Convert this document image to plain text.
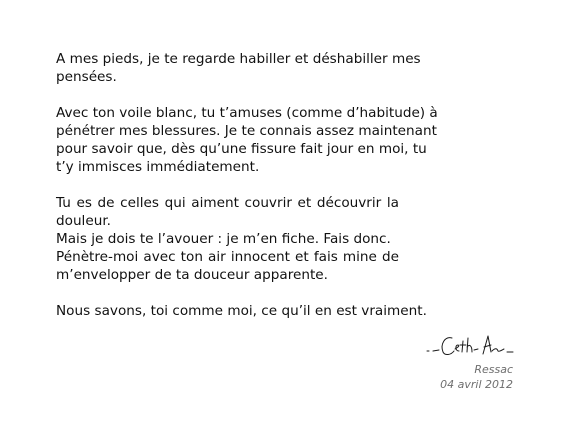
A mes pieds, je te regarde habiller et déshabiller mes
pensées.
Avec ton voile blanc, tu t’amuses (comme d’habitude) à
pénétrer mes blessures. Je te connais assez maintenant
pour savoir que, dès qu’une fissure fait jour en moi, tu
t’y immisces immédiatement.
Tu es de celles qui aiment couvrir et découvrir la
douleur.
Mais je dois te l’avouer : je m’en fiche. Fais donc.
Pénètre-moi avec ton air innocent et fais mine de
m’envelopper de ta douceur apparente.
Nous savons, toi comme moi, ce qu’il en est vraiment.
Ressac
04 avril 2012
